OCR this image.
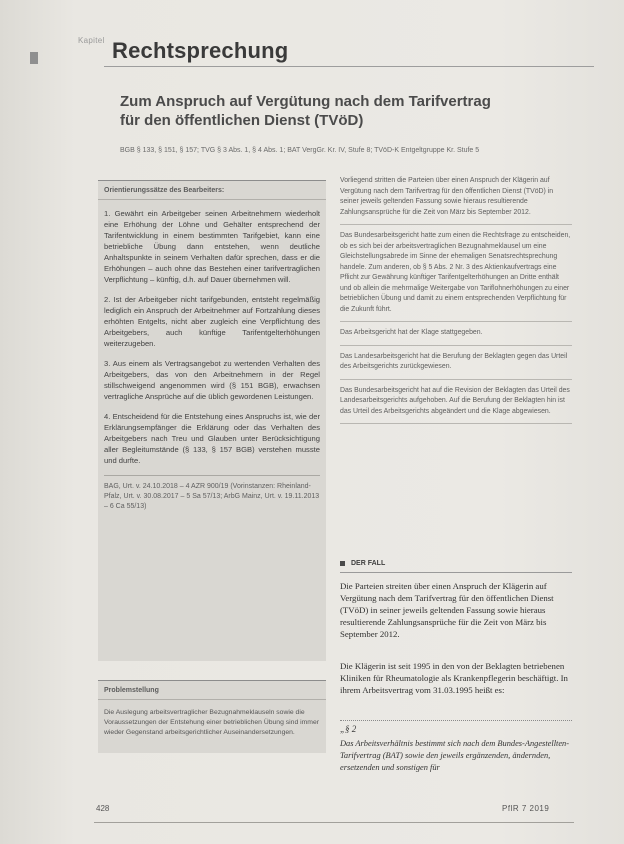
Kapitel Rechtsprechung
Zum Anspruch auf Vergütung nach dem Tarifvertrag
für den öffentlichen Dienst (TVöD)
BGB § 133, § 151, § 157; TVG § 3 Abs. 1, § 4 Abs. 1; BAT VergGr. Kr. IV, Stufe 8; TVöD-K Entgeltgruppe Kr. Stufe 5
Orientierungssätze des Bearbeiters:

1. Gewährt ein Arbeitgeber seinen Arbeitnehmern wiederholt eine Erhöhung der Löhne und Gehälter entsprechend der Tarifentwicklung in einem bestimmten Tarifgebiet, kann eine betriebliche Übung dann entstehen, wenn deutliche Anhaltspunkte in seinem Verhalten dafür sprechen, dass er die Erhöhungen – auch ohne das Bestehen einer tarifvertraglichen Verpflichtung – künftig, d.h. auf Dauer übernehmen will.

2. Ist der Arbeitgeber nicht tarifgebunden, entsteht regelmäßig lediglich ein Anspruch der Arbeitnehmer auf Fortzahlung dieses erhöhten Entgelts, nicht aber zugleich eine Verpflichtung des Arbeitgebers, auch künftige Tarifentgelterhöhungen weiterzugeben.

3. Aus einem als Vertragsangebot zu wertenden Verhalten des Arbeitgebers, das von den Arbeitnehmern in der Regel stillschweigend angenommen wird (§ 151 BGB), erwachsen vertragliche Ansprüche auf die üblich gewordenen Leistungen.

4. Entscheidend für die Entstehung eines Anspruchs ist, wie der Erklärungsempfänger die Erklärung oder das Verhalten des Arbeitgebers nach Treu und Glauben unter Berücksichtigung aller Begleitumstände (§ 133, § 157 BGB) verstehen musste und durfte.

BAG, Urt. v. 24.10.2018 – 4 AZR 900/19 (Vorinstanzen: Rheinland-Pfalz, Urt. v. 30.08.2017 – 5 Sa 57/13; ArbG Mainz, Urt. v. 19.11.2013 – 6 Ca 55/13)
Problemstellung

Die Auslegung arbeitsvertraglicher Bezugnahmeklauseln sowie die Voraussetzungen der Entstehung einer betrieblichen Übung sind immer wieder Gegenstand arbeitsgerichtlicher Auseinandersetzungen.

Vorliegend stritten die Parteien über einen Anspruch der Klägerin auf Vergütung nach dem Tarifvertrag für den öffentlichen Dienst (TVöD) in seiner jeweils geltenden Fassung sowie hieraus resultierende Zahlungsansprüche für die Zeit von März bis September 2012.
Das Bundesarbeitsgericht hatte zum einen die Rechtsfrage zu entscheiden, ob es sich bei der arbeitsvertraglichen Bezugnahmeklausel um eine Gleichstellungsabrede im Sinne der ehemaligen Senatsrechtsprechung handele. Zum anderen, ob § 5 Abs. 2 Nr. 3 des Aktienkaufvertrags eine Pflicht zur Gewährung künftiger Tarifentgelterhöhungen an Dritte enthält und ob allein die mehrmalige Weitergabe von Tariflohnerhöhungen zu einer betrieblichen Übung und damit zu einem entsprechenden Verpflichtung für die Zukunft führt.
Das Arbeitsgericht hat der Klage stattgegeben.
Das Landesarbeitsgericht hat die Berufung der Beklagten gegen das Urteil des Arbeitsgerichts zurückgewiesen.
Das Bundesarbeitsgericht hat auf die Revision der Beklagten das Urteil des Landesarbeitsgerichts aufgehoben. Auf die Berufung der Beklagten hin ist das Urteil des Arbeitsgerichts abgeändert und die Klage abgewiesen.
DER FALL
Die Parteien streiten über einen Anspruch der Klägerin auf Vergütung nach dem Tarifvertrag für den öffentlichen Dienst (TVöD) in seiner jeweils geltenden Fassung sowie hieraus resultierende Zahlungsansprüche für die Zeit von März bis September 2012.
Die Klägerin ist seit 1995 in den von der Beklagten betriebenen Kliniken für Rheumatologie als Krankenpflegerin beschäftigt. In ihrem Arbeitsvertrag vom 31.03.1995 heißt es:
„§ 2
Das Arbeitsverhältnis bestimmt sich nach dem Bundes-Angestellten-Tarifvertrag (BAT) sowie den jeweils ergänzenden, ändernden, ersetzenden und sonstigen für
428	PflR 7 2019
